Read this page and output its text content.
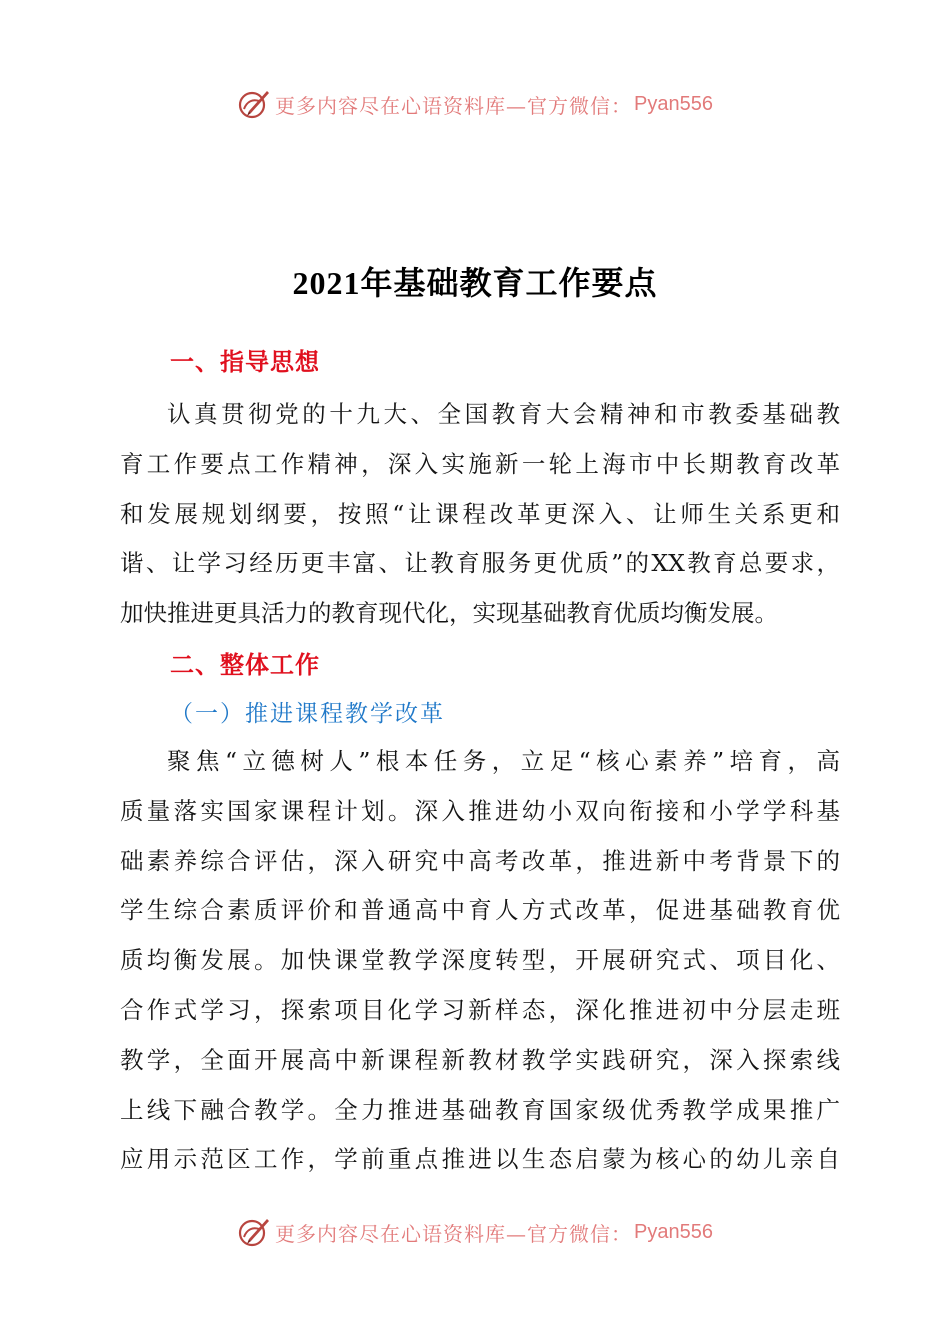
更多内容尽在心语资料库—官方微信： Pyan556
2021年基础教育工作要点
一、指导思想
认真贯彻党的十九大、全国教育大会精神和市教委基础教
育工作要点工作精神，深入实施新一轮上海市中长期教育改革
和发展规划纲要，按照“让课程改革更深入、让师生关系更和
谐、让学习经历更丰富、让教育服务更优质”的XX教育总要求，
加快推进更具活力的教育现代化，实现基础教育优质均衡发展。
二、整体工作
（一）推进课程教学改革
聚焦“立德树人”根本任务，立足“核心素养”培育，高
质量落实国家课程计划。深入推进幼小双向衔接和小学学科基
础素养综合评估，深入研究中高考改革，推进新中考背景下的
学生综合素质评价和普通高中育人方式改革，促进基础教育优
质均衡发展。加快课堂教学深度转型，开展研究式、项目化、
合作式学习，探索项目化学习新样态，深化推进初中分层走班
教学，全面开展高中新课程新教材教学实践研究，深入探索线
上线下融合教学。全力推进基础教育国家级优秀教学成果推广
应用示范区工作，学前重点推进以生态启蒙为核心的幼儿亲自
更多内容尽在心语资料库—官方微信： Pyan556
